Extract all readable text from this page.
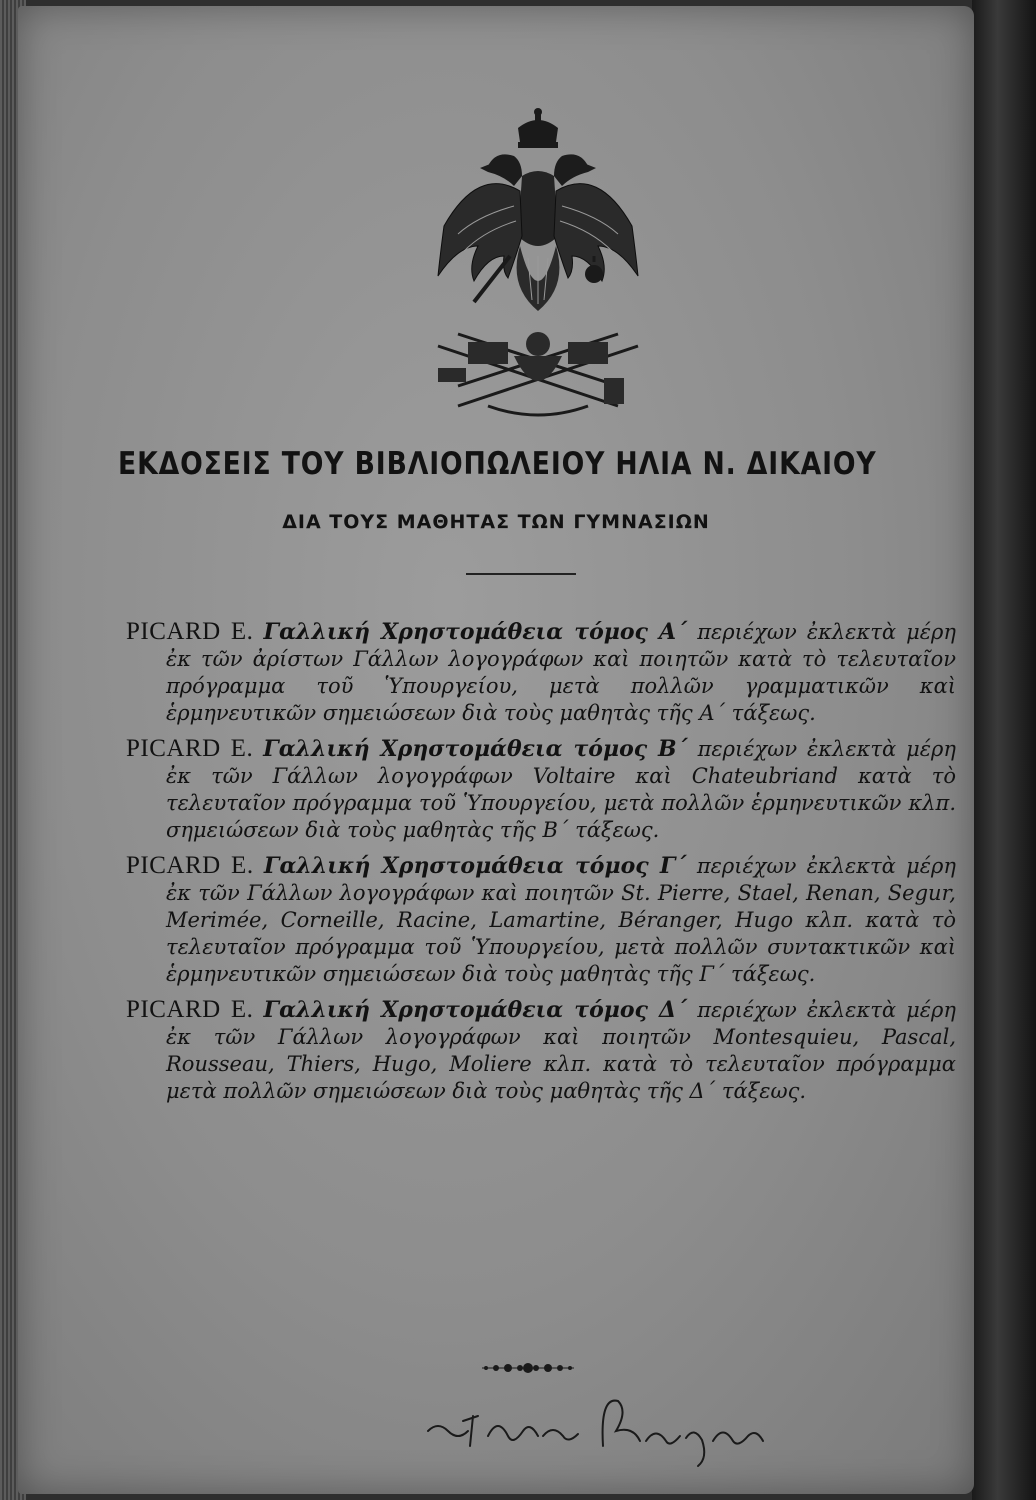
ΕΚΔΟΣΕΙΣ ΤΟΥ ΒΙΒΛΙΟΠΩΛΕΙΟΥ ΗΛΙΑ Ν. ΔΙΚΑΙΟΥ
ΔΙΑ ΤΟΥΣ ΜΑΘΗΤΑΣ ΤΩΝ ΓΥΜΝΑΣΙΩΝ

PICARD E. Γαλλική Χρηστομάθεια τόμος Α΄ περιέχων ἐκλεκτὰ μέρη ἐκ τῶν ἀρίστων Γάλλων λογογράφων καὶ ποιητῶν κατὰ τὸ τελευταῖον πρόγραμμα τοῦ Ὑπουργείου, μετὰ πολλῶν γραμματικῶν καὶ ἑρμηνευτικῶν σημειώσεων διὰ τοὺς μαθητὰς τῆς Α΄ τάξεως.

PICARD E. Γαλλική Χρηστομάθεια τόμος Β΄ περιέχων ἐκλεκτὰ μέρη ἐκ τῶν Γάλλων λογογράφων Voltaire καὶ Chateubriand κατὰ τὸ τελευταῖον πρόγραμμα τοῦ Ὑπουργείου, μετὰ πολλῶν ἑρμηνευτικῶν κλπ. σημειώσεων διὰ τοὺς μαθητὰς τῆς Β΄ τάξεως.

PICARD E. Γαλλική Χρηστομάθεια τόμος Γ΄ περιέχων ἐκλεκτὰ μέρη ἐκ τῶν Γάλλων λογογράφων καὶ ποιητῶν St. Pierre, Stael, Renan, Segur, Merimée, Corneille, Racine, Lamartine, Béranger, Hugo κλπ. κατὰ τὸ τελευταῖον πρόγραμμα τοῦ Ὑπουργείου, μετὰ πολλῶν συντακτικῶν καὶ ἑρμηνευτικῶν σημειώσεων διὰ τοὺς μαθητὰς τῆς Γ΄ τάξεως.

PICARD E. Γαλλική Χρηστομάθεια τόμος Δ΄ περιέχων ἐκλεκτὰ μέρη ἐκ τῶν Γάλλων λογογράφων καὶ ποιητῶν Montesquieu, Pascal, Rousseau, Thiers, Hugo, Moliere κλπ. κατὰ τὸ τελευταῖον πρόγραμμα μετὰ πολλῶν σημειώσεων διὰ τοὺς μαθητὰς τῆς Δ΄ τάξεως.
